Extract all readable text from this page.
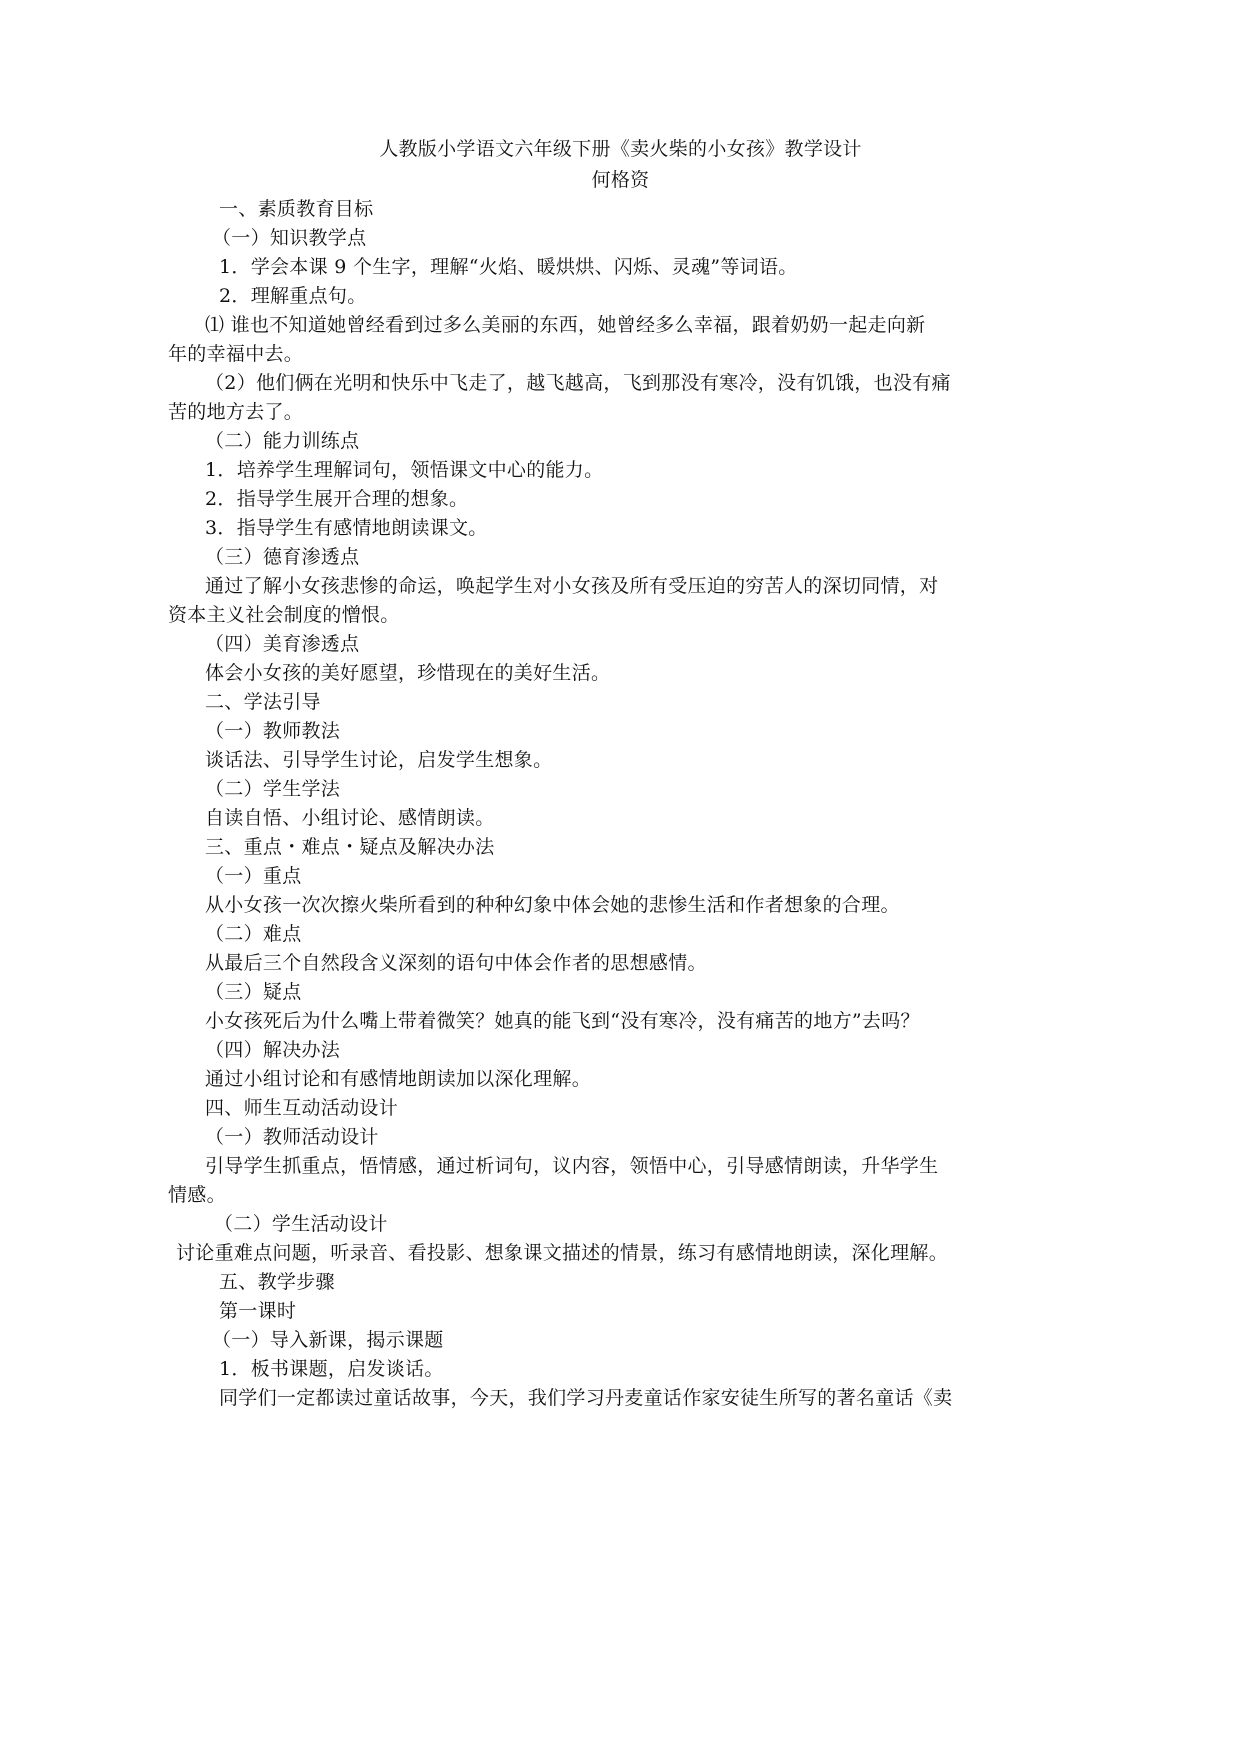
人教版小学语文六年级下册《卖火柴的小女孩》教学设计
何格资
一、素质教育目标
（一）知识教学点
1．学会本课 9 个生字，理解“火焰、暖烘烘、闪烁、灵魂”等词语。
2．理解重点句。
⑴ 谁也不知道她曾经看到过多么美丽的东西，她曾经多么幸福，跟着奶奶一起走向新
年的幸福中去。
（2）他们俩在光明和快乐中飞走了，越飞越高，飞到那没有寒冷，没有饥饿，也没有痛
苦的地方去了。
（二）能力训练点
1．培养学生理解词句，领悟课文中心的能力。
2．指导学生展开合理的想象。
3．指导学生有感情地朗读课文。
（三）德育渗透点
通过了解小女孩悲惨的命运，唤起学生对小女孩及所有受压迫的穷苦人的深切同情，对
资本主义社会制度的憎恨。
（四）美育渗透点
体会小女孩的美好愿望，珍惜现在的美好生活。
二、学法引导
（一）教师教法
谈话法、引导学生讨论，启发学生想象。
（二）学生学法
自读自悟、小组讨论、感情朗读。
三、重点・难点・疑点及解决办法
（一）重点
从小女孩一次次擦火柴所看到的种种幻象中体会她的悲惨生活和作者想象的合理。
（二）难点
从最后三个自然段含义深刻的语句中体会作者的思想感情。
（三）疑点
小女孩死后为什么嘴上带着微笑？她真的能飞到“没有寒冷，没有痛苦的地方”去吗？
（四）解决办法
通过小组讨论和有感情地朗读加以深化理解。
四、师生互动活动设计
（一）教师活动设计
引导学生抓重点，悟情感，通过析词句，议内容，领悟中心，引导感情朗读，升华学生
情感。
（二）学生活动设计
讨论重难点问题，听录音、看投影、想象课文描述的情景，练习有感情地朗读，深化理解。
五、教学步骤
第一课时
（一）导入新课，揭示课题
1．板书课题，启发谈话。
同学们一定都读过童话故事，今天，我们学习丹麦童话作家安徒生所写的著名童话《卖
